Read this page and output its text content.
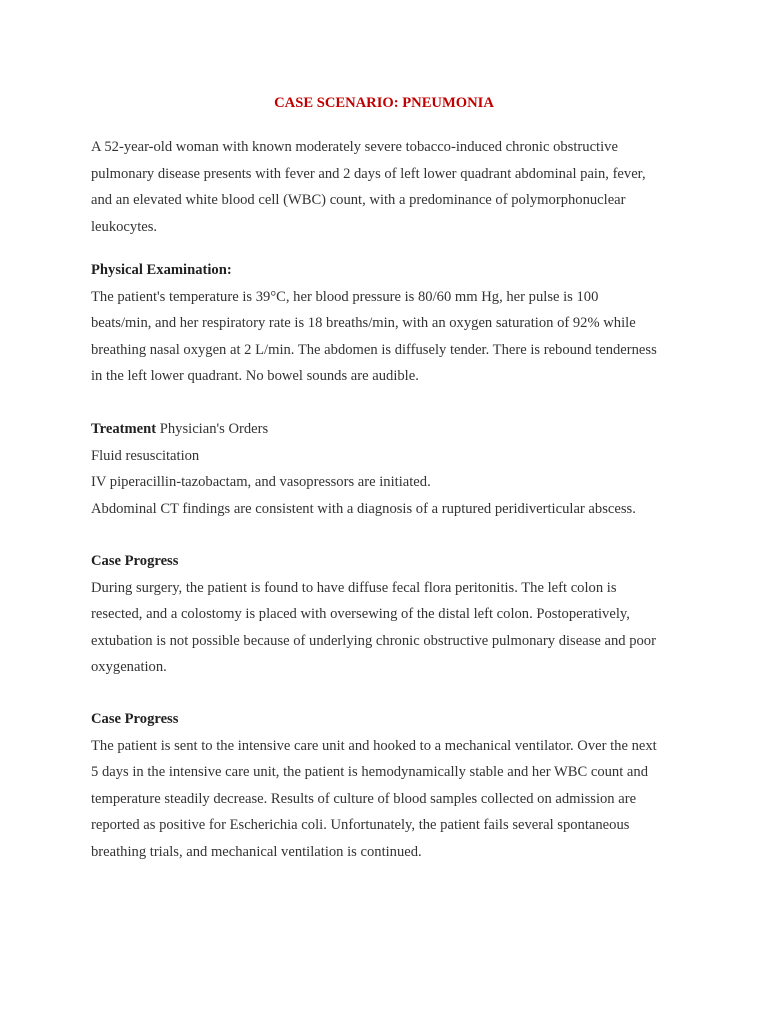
CASE SCENARIO: PNEUMONIA
A 52-year-old woman with known moderately severe tobacco-induced chronic obstructive
pulmonary disease presents with fever and 2 days of left lower quadrant abdominal pain, fever,
and an elevated white blood cell (WBC) count, with a predominance of polymorphonuclear
leukocytes.
Physical Examination:
The patient's temperature is 39°C, her blood pressure is 80/60 mm Hg, her pulse is 100
beats/min, and her respiratory rate is 18 breaths/min, with an oxygen saturation of 92% while
breathing nasal oxygen at 2 L/min. The abdomen is diffusely tender. There is rebound tenderness
in the left lower quadrant. No bowel sounds are audible.
Treatment Physician's Orders
Fluid resuscitation
IV piperacillin-tazobactam, and vasopressors are initiated.
Abdominal CT findings are consistent with a diagnosis of a ruptured peridiverticular abscess.
Case Progress
During surgery, the patient is found to have diffuse fecal flora peritonitis. The left colon is
resected, and a colostomy is placed with oversewing of the distal left colon. Postoperatively,
extubation is not possible because of underlying chronic obstructive pulmonary disease and poor
oxygenation.
Case Progress
The patient is sent to the intensive care unit and hooked to a mechanical ventilator. Over the next
5 days in the intensive care unit, the patient is hemodynamically stable and her WBC count and
temperature steadily decrease. Results of culture of blood samples collected on admission are
reported as positive for Escherichia coli. Unfortunately, the patient fails several spontaneous
breathing trials, and mechanical ventilation is continued.
